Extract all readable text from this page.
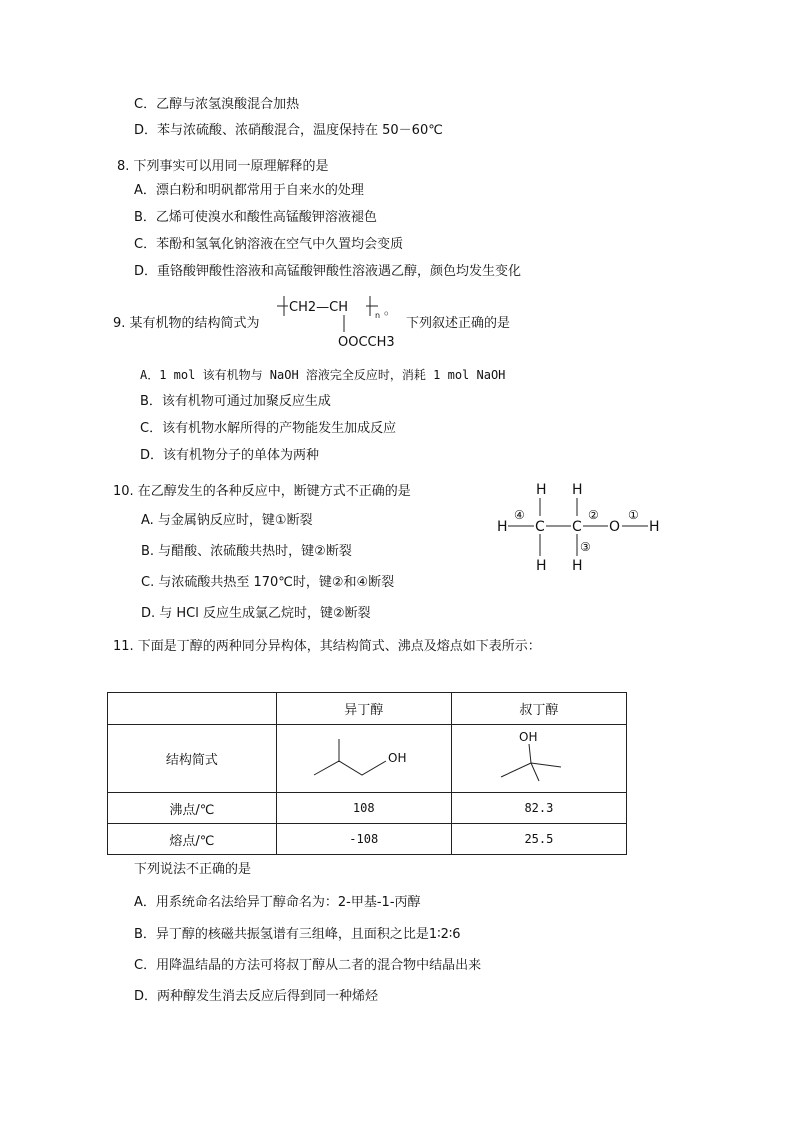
C．乙醇与浓氢溴酸混合加热
D．苯与浓硫酸、浓硝酸混合，温度保持在 50－60℃
8. 下列事实可以用同一原理解释的是
A．漂白粉和明矾都常用于自来水的处理
B．乙烯可使溴水和酸性高锰酸钾溶液褪色
C．苯酚和氢氧化钠溶液在空气中久置均会变质
D．重铬酸钾酸性溶液和高锰酸钾酸性溶液遇乙醇，颜色均发生变化
9. 某有机物的结构简式为
CH2—CH
n 。
OOCCH3
下列叙述正确的是
A．1 mol 该有机物与 NaOH 溶液完全反应时，消耗 1 mol NaOH
B．该有机物可通过加聚反应生成
C．该有机物水解所得的产物能发生加成反应
D．该有机物分子的单体为两种
10. 在乙醇发生的各种反应中，断键方式不正确的是
A. 与金属钠反应时，键①断裂
B. 与醋酸、浓硫酸共热时，键②断裂
C. 与浓硫酸共热至 170℃时，键②和④断裂
D. 与 HCl 反应生成氯乙烷时，键②断裂
H H
④
H C C
②
O
①
H
③
H H
11. 下面是丁醇的两种同分异构体，其结构简式、沸点及熔点如下表所示：
	异丁醇	叔丁醇
结构简式	OH	OH

沸点/℃	108	82.3
熔点/℃	-108	25.5
下列说法不正确的是
A．用系统命名法给异丁醇命名为：2-甲基-1-丙醇
B．异丁醇的核磁共振氢谱有三组峰，且面积之比是1∶2∶6
C．用降温结晶的方法可将叔丁醇从二者的混合物中结晶出来
D．两种醇发生消去反应后得到同一种烯烃
